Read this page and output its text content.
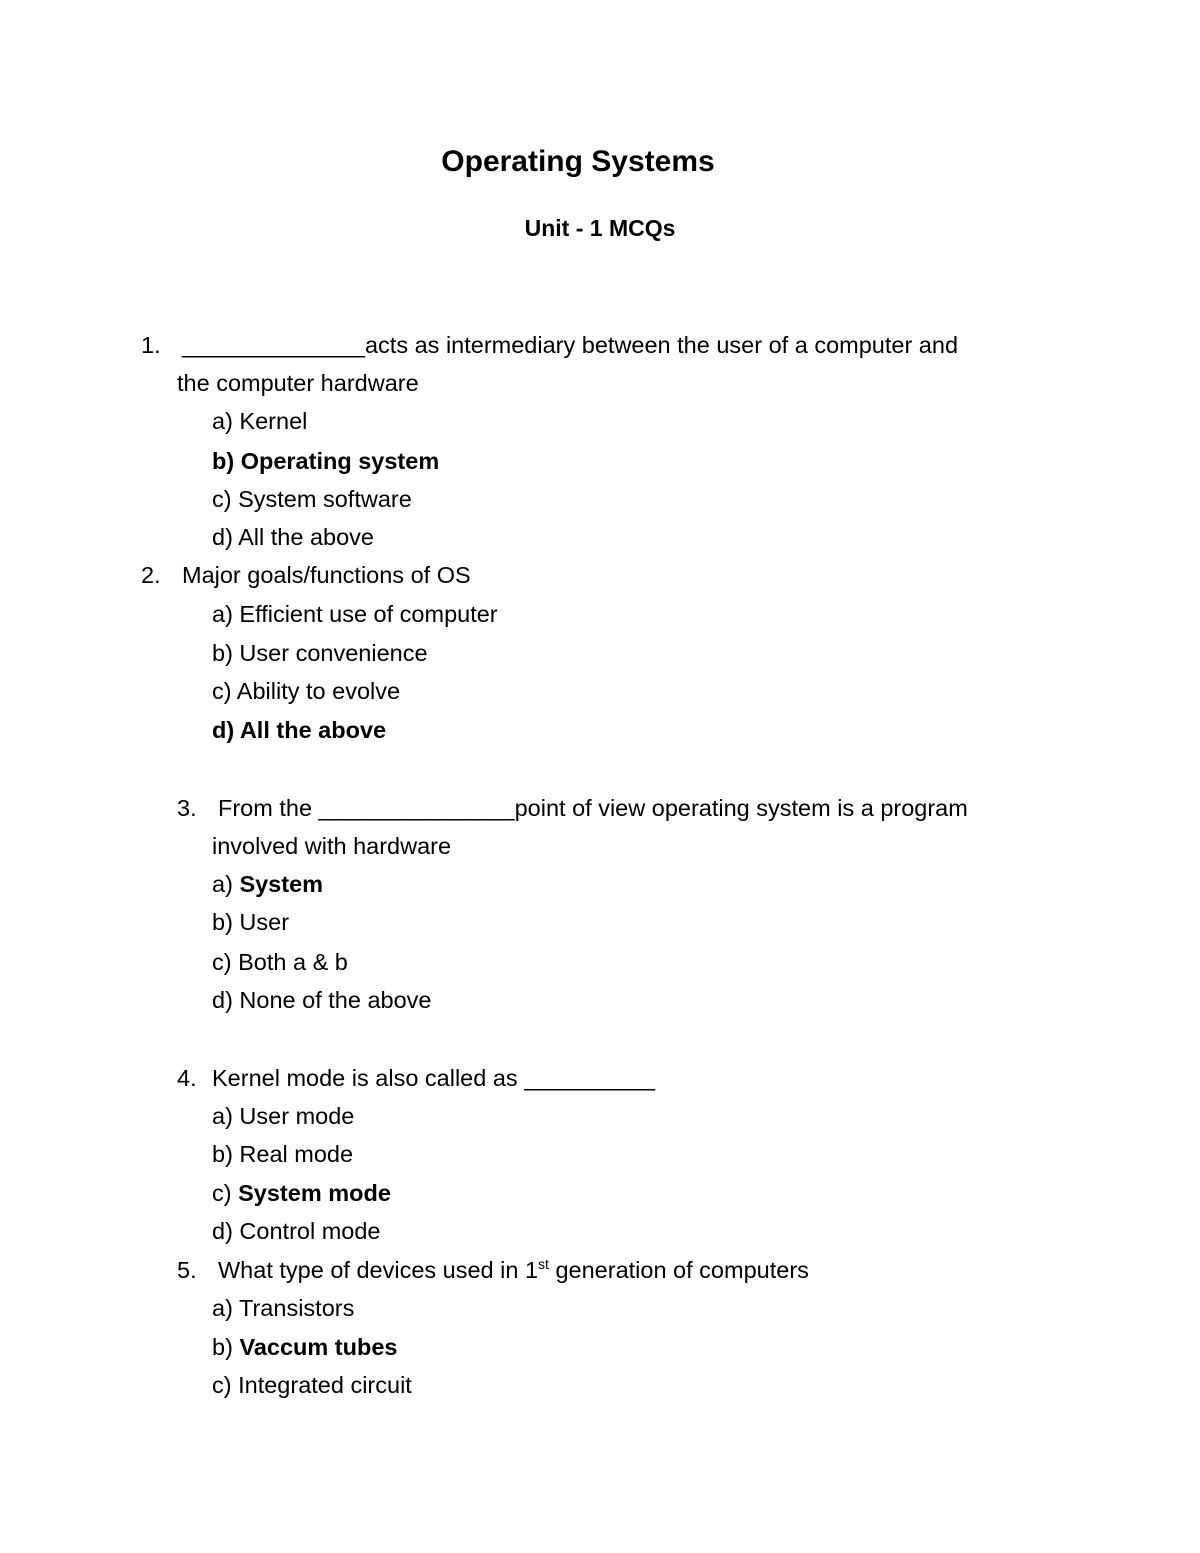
Operating Systems
Unit - 1 MCQs
1. ______________acts as intermediary between the user of a computer and
the computer hardware
a) Kernel
b) Operating system
c) System software
d) All the above
2. Major goals/functions of OS
a) Efficient use of computer
b) User convenience
c) Ability to evolve
d) All the above
3. From the _______________point of view operating system is a program
involved with hardware
a) System
b) User
c) Both a & b
d) None of the above
4. Kernel mode is also called as __________
a) User mode
b) Real mode
c) System mode
d) Control mode
5. What type of devices used in 1st generation of computers
a) Transistors
b) Vaccum tubes
c) Integrated circuit
